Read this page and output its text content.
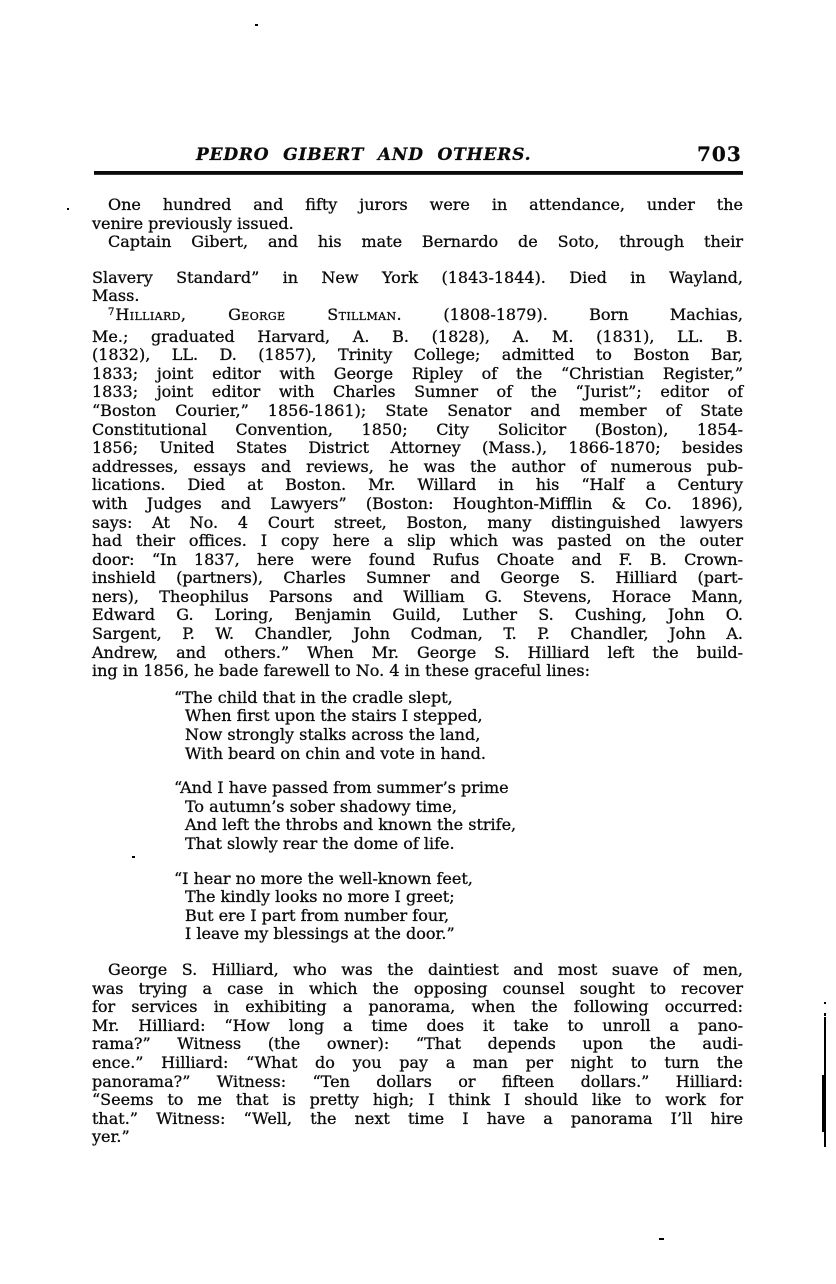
PEDRO GIBERT AND OTHERS.	703
One hundred and fifty jurors were in attendance, under the
venire previously issued.
Captain Gibert, and his mate Bernardo de Soto, through their
Slavery Standard” in New York (1843-1844). Died in Wayland,
Mass.
$^7$Hilliard, George Stillman.	(1808-1879). Born Machias,
Me.; graduated Harvard, A. B. (1828), A. M. (1831), LL. B.
(1832), LL. D. (1857), Trinity College; admitted to Boston Bar,
1833; joint editor with George Ripley of the “Christian Register,”
1833; joint editor with Charles Sumner of the “Jurist”; editor of
“Boston Courier,” 1856-1861); State Senator and member of State
Constitutional Convention, 1850; City Solicitor (Boston), 1854-
1856; United States District Attorney (Mass.), 1866-1870; besides
addresses, essays and reviews, he was the author of numerous pub-
lications. Died at Boston. Mr. Willard in his “Half a Century
with Judges and Lawyers” (Boston: Houghton-Mifflin & Co. 1896),
says: At No. 4 Court street, Boston, many distinguished lawyers
had their offices. I copy here a slip which was pasted on the outer
door: “In 1837, here were found Rufus Choate and F. B. Crown-
inshield (partners), Charles Sumner and George S. Hilliard (part-
ners), Theophilus Parsons and William G. Stevens, Horace Mann,
Edward G. Loring, Benjamin Guild, Luther S. Cushing, John O.
Sargent, P. W. Chandler, John Codman, T. P. Chandler, John A.
Andrew, and others.” When Mr. George S. Hilliard left the build-
ing in 1856, he bade farewell to No. 4 in these graceful lines:
“The child that in the cradle slept,
When first upon the stairs I stepped,
Now strongly stalks across the land,
With beard on chin and vote in hand.
“And I have passed from summer’s prime
To autumn’s sober shadowy time,
And left the throbs and known the strife,
That slowly rear the dome of life.
“I hear no more the well-known feet,
The kindly looks no more I greet;
But ere I part from number four,
I leave my blessings at the door.”
George S. Hilliard, who was the daintiest and most suave of men,
was trying a case in which the opposing counsel sought to recover
for services in exhibiting a panorama, when the following occurred:
Mr. Hilliard: “How long a time does it take to unroll a pano-
rama?” Witness (the owner): “That depends upon the audi-
ence.” Hilliard: “What do you pay a man per night to turn the
panorama?” Witness: “Ten dollars or fifteen dollars.” Hilliard:
“Seems to me that is pretty high; I think I should like to work for
that.” Witness: “Well, the next time I have a panorama I’ll hire
yer.”
